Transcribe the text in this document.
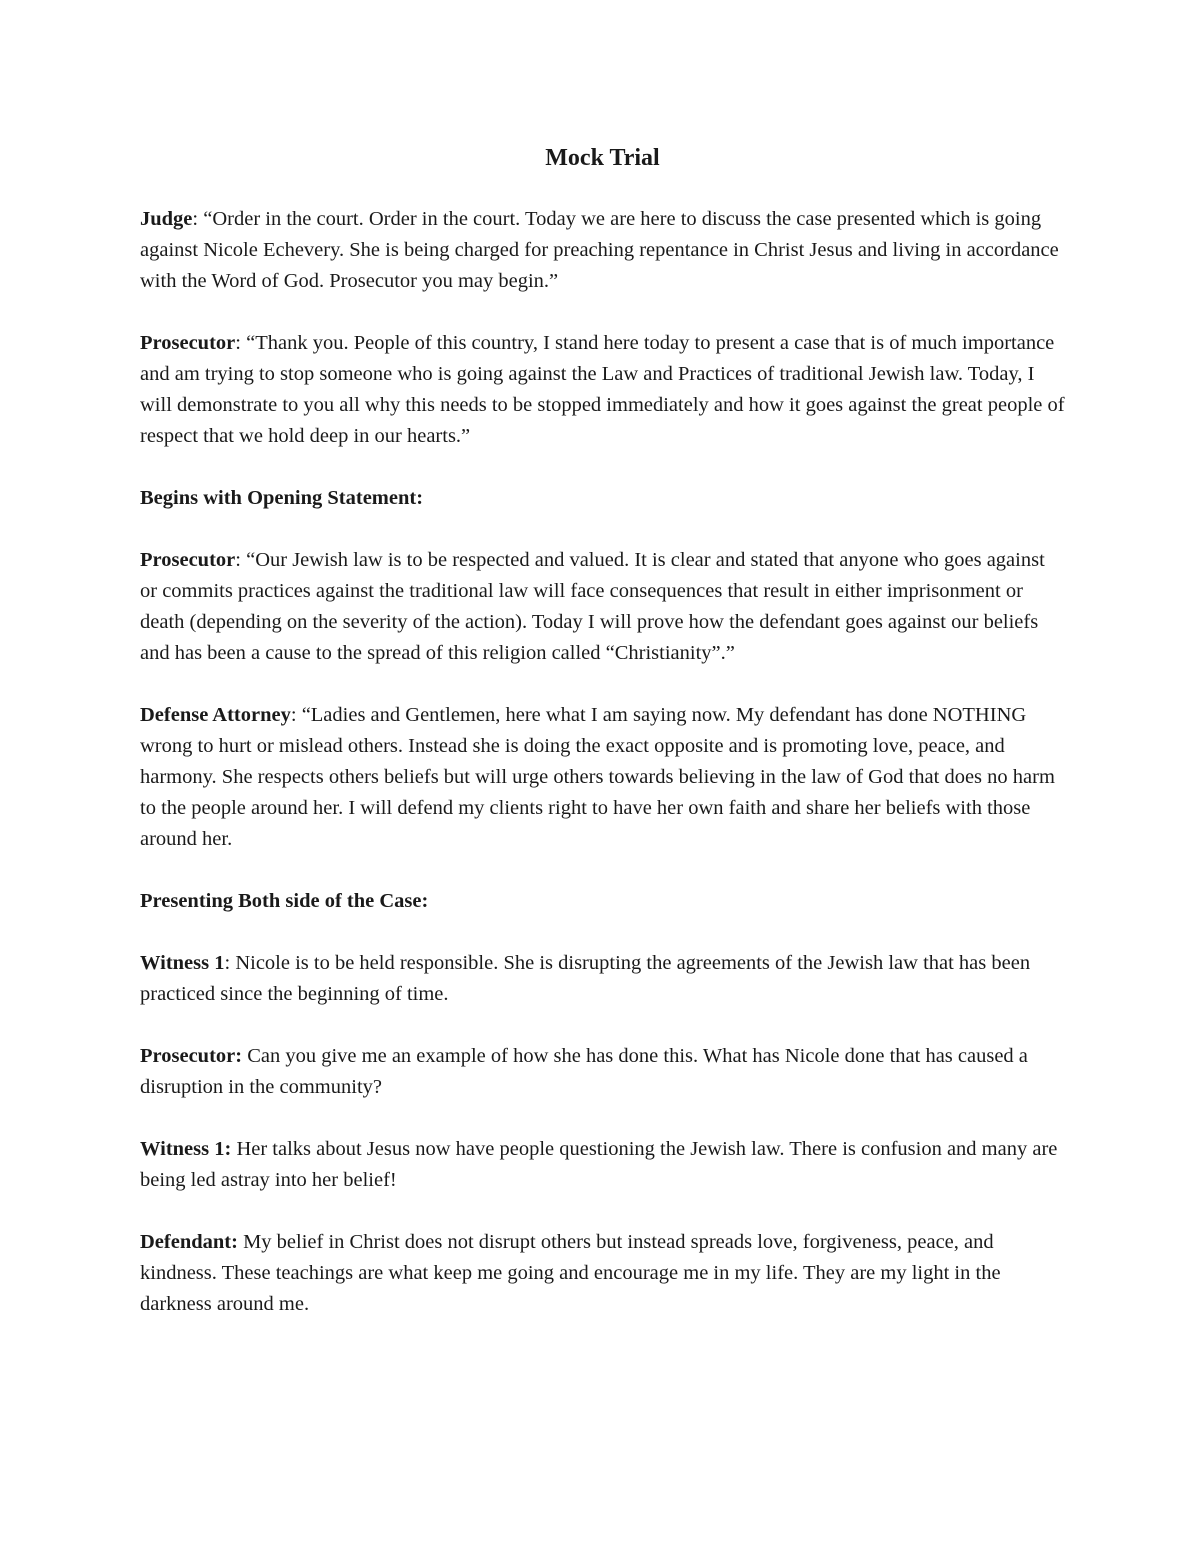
Mock Trial

Judge: “Order in the court. Order in the court. Today we are here to discuss the case presented which is going against Nicole Echevery. She is being charged for preaching repentance in Christ Jesus and living in accordance with the Word of God. Prosecutor you may begin.”

Prosecutor: “Thank you. People of this country, I stand here today to present a case that is of much importance and am trying to stop someone who is going against the Law and Practices of traditional Jewish law. Today, I will demonstrate to you all why this needs to be stopped immediately and how it goes against the great people of respect that we hold deep in our hearts.”

Begins with Opening Statement:

Prosecutor: “Our Jewish law is to be respected and valued. It is clear and stated that anyone who goes against or commits practices against the traditional law will face consequences that result in either imprisonment or death (depending on the severity of the action). Today I will prove how the defendant goes against our beliefs and has been a cause to the spread of this religion called “Christianity”.”

Defense Attorney: “Ladies and Gentlemen, here what I am saying now. My defendant has done NOTHING wrong to hurt or mislead others. Instead she is doing the exact opposite and is promoting love, peace, and harmony. She respects others beliefs but will urge others towards believing in the law of God that does no harm to the people around her. I will defend my clients right to have her own faith and share her beliefs with those around her.

Presenting Both side of the Case:

Witness 1: Nicole is to be held responsible. She is disrupting the agreements of the Jewish law that has been practiced since the beginning of time.

Prosecutor: Can you give me an example of how she has done this. What has Nicole done that has caused a disruption in the community?

Witness 1: Her talks about Jesus now have people questioning the Jewish law. There is confusion and many are being led astray into her belief!

Defendant: My belief in Christ does not disrupt others but instead spreads love, forgiveness, peace, and kindness. These teachings are what keep me going and encourage me in my life. They are my light in the darkness around me.
